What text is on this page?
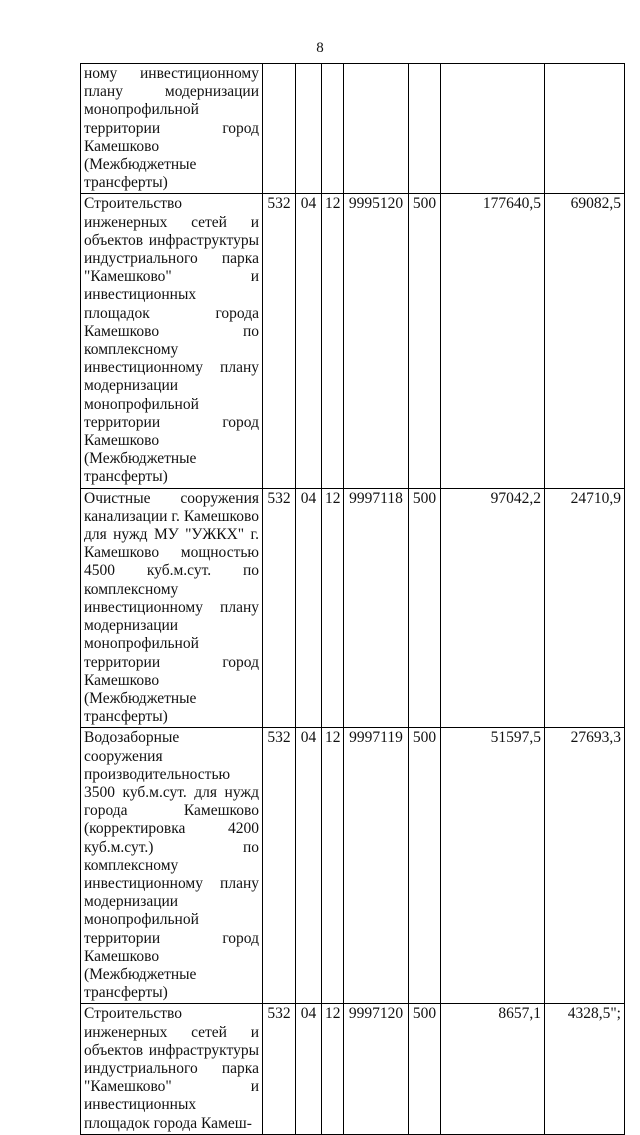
8
ному инвестиционному плану модернизации монопрофильной территории город Камешково (Межбюджетные трансферты)							
Строительство инженерных сетей и объектов инфраструктуры индустриального парка "Камешково" и инвестиционных площадок города Камешково по комплексному инвестиционному плану модернизации монопрофильной территории город Камешково (Межбюджетные трансферты)	532	04	12	9995120	500	177640,5	69082,5
Очистные сооружения канализации г. Камешково для нужд МУ "УЖКХ" г. Камешково мощностью 4500 куб.м.сут. по комплексному инвестиционному плану модернизации монопрофильной территории город Камешково (Межбюджетные трансферты)	532	04	12	9997118	500	97042,2	24710,9
Водозаборные сооружения производительностью 3500 куб.м.сут. для нужд города Камешково (корректировка 4200 куб.м.сут.) по комплексному инвестиционному плану модернизации монопрофильной территории город Камешково (Межбюджетные трансферты)	532	04	12	9997119	500	51597,5	27693,3
Строительство инженерных сетей и объектов инфраструктуры индустриального парка "Камешково" и инвестиционных площадок города Камеш-	532	04	12	9997120	500	8657,1	4328,5";
